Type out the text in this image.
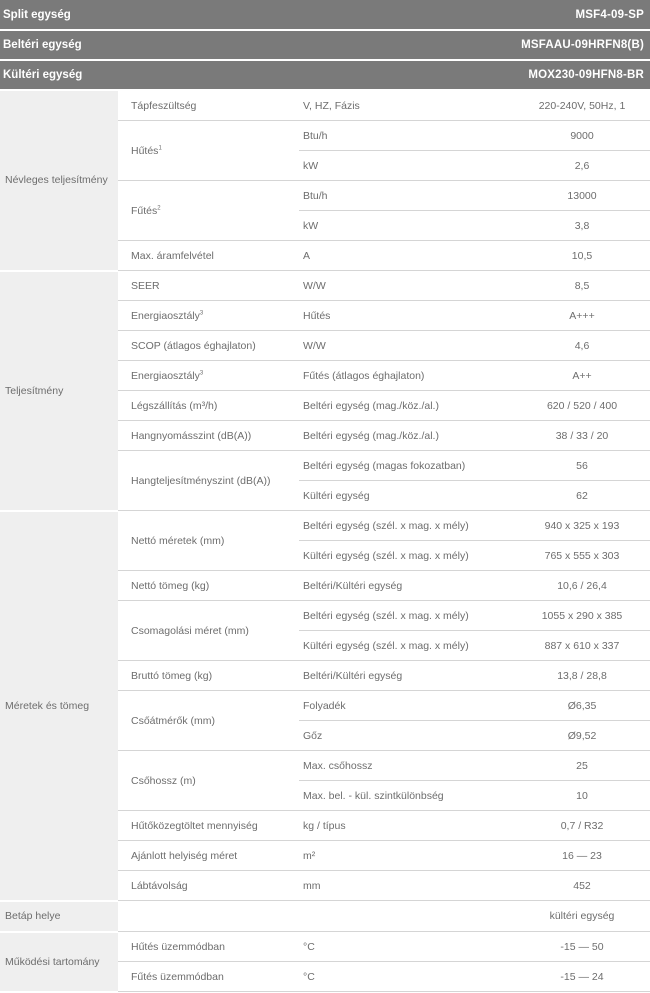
Split egység	MSF4-09-SP
Beltéri egység	MSFAAU-09HRFN8(B)
Kültéri egység	MOX230-09HFN8-BR
Névleges teljesítmény	Tápfeszültség	V, HZ, Fázis	220-240V, 50Hz, 1
	Hűtés$^1$	Btu/h	9000
		kW	2,6
	Fűtés$^2$	Btu/h	13000
		kW	3,8
	Max. áramfelvétel	A	10,5
Teljesítmény	SEER	W/W	8,5
	Energiaosztály$^3$	Hűtés	A+++
	SCOP (átlagos éghajlaton)	W/W	4,6
	Energiaosztály$^3$	Fűtés (átlagos éghajlaton)	A++
	Légszállítás (m³/h)	Beltéri egység (mag./köz./al.)	620 / 520 / 400
	Hangnyomásszint (dB(A))	Beltéri egység (mag./köz./al.)	38 / 33 / 20
	Hangteljesítményszint (dB(A))	Beltéri egység (magas fokozatban)	56
		Kültéri egység	62
Méretek és tömeg	Nettó méretek (mm)	Beltéri egység (szél. x mag. x mély)	940 x 325 x 193
		Kültéri egység (szél. x mag. x mély)	765 x 555 x 303
	Nettó tömeg (kg)	Beltéri/Kültéri egység	10,6 / 26,4
	Csomagolási méret (mm)	Beltéri egység (szél. x mag. x mély)	1055 x 290 x 385
		Kültéri egység (szél. x mag. x mély)	887 x 610 x 337
	Bruttó tömeg (kg)	Beltéri/Kültéri egység	13,8 / 28,8
	Csőátmérők (mm)	Folyadék	Ø6,35
		Gőz	Ø9,52
	Csőhossz (m)	Max. csőhossz	25
		Max. bel. - kül. szintkülönbség	10
	Hűtőközegtöltet mennyiség	kg / típus	0,7 / R32
	Ajánlott helyiség méret	m²	16 — 23
	Lábtávolság	mm	452
Betáp helye			kültéri egység
Működési tartomány	Hűtés üzemmódban	°C	-15 — 50
	Fűtés üzemmódban	°C	-15 — 24
